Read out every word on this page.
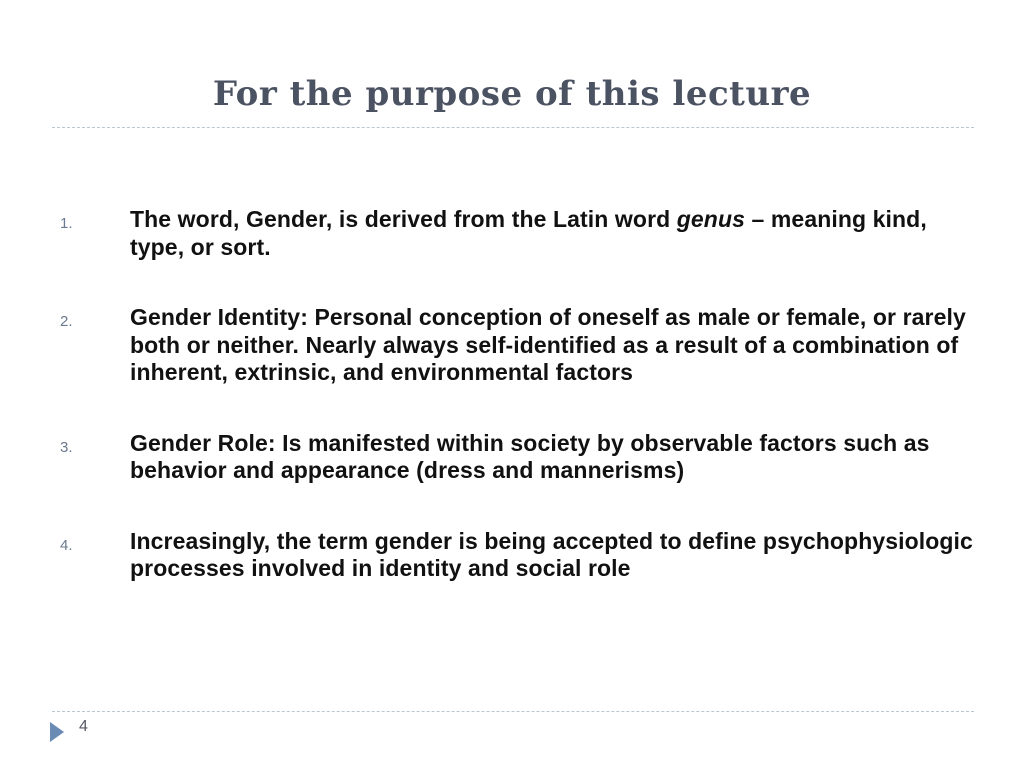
For the purpose of this lecture
1.	The word, Gender, is derived from the Latin word genus – meaning kind, type, or sort.
2.	Gender Identity: Personal conception of oneself as male or female, or rarely both or neither. Nearly always self-identified as a result of a combination of inherent, extrinsic, and environmental factors
3.	Gender Role: Is manifested within society by observable factors such as behavior and appearance (dress and mannerisms)
4.	Increasingly, the term gender is being accepted to define psychophysiologic processes involved in identity and social role
4
